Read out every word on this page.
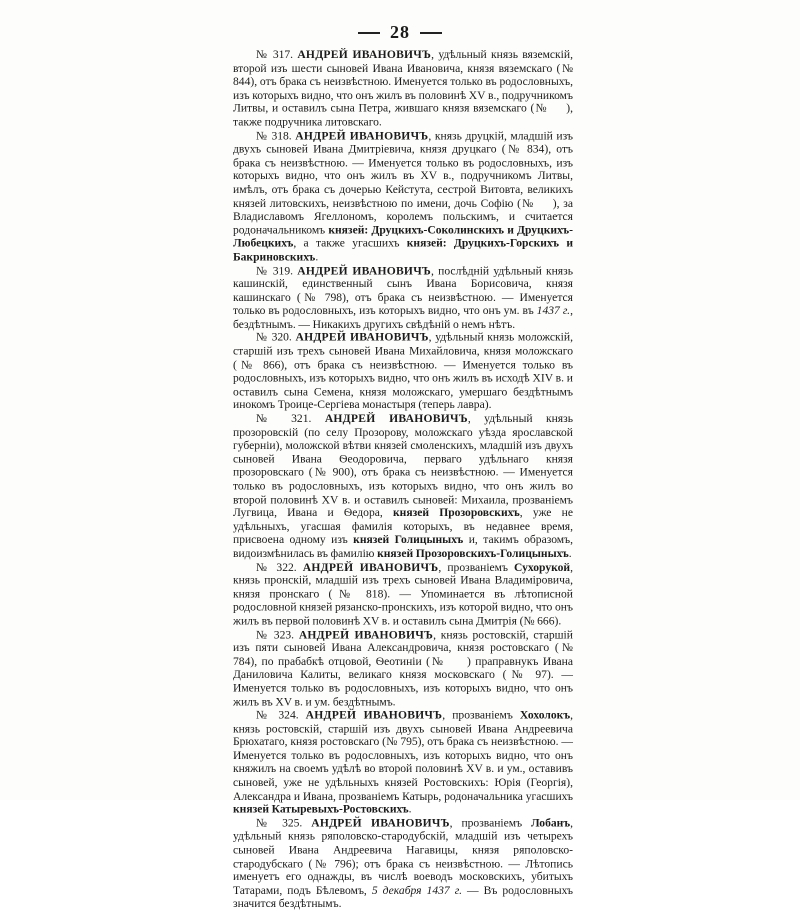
28

№ 317. АНДРЕЙ ИВАНОВИЧЪ, удѣльный князь вяземскій, второй изъ шести сыновей Ивана Ивановича, князя вяземскаго (№ 844), отъ брака съ неизвѣстною. Именуется только въ родословныхъ, изъ которыхъ видно, что онъ жилъ въ половинѣ XV в., подручникомъ Литвы, и оставилъ сына Петра, жившаго князя вяземскаго (№     ), также подручника литовскаго.

№ 318. АНДРЕЙ ИВАНОВИЧЪ, князь друцкій, младшій изъ двухъ сыновей Ивана Дмитріевича, князя друцкаго (№ 834), отъ брака съ неизвѣстною. — Именуется только въ родословныхъ, изъ которыхъ видно, что онъ жилъ въ XV в., подручникомъ Литвы, имѣлъ, отъ брака съ дочерью Кейстута, сестрой Витовта, великихъ князей литовскихъ, неизвѣстною по имени, дочь Софію (№     ), за Владиславомъ Ягеллономъ, королемъ польскимъ, и считается родоначальникомъ князей: Друцкихъ-Соколинскихъ и Друцкихъ-Любецкихъ, а также угасшихъ князей: Друцкихъ-Горскихъ и Бакриновскихъ.

№ 319. АНДРЕЙ ИВАНОВИЧЪ, послѣдній удѣльный князь кашинскій, единственный сынъ Ивана Борисовича, князя кашинскаго (№ 798), отъ брака съ неизвѣстною. — Именуется только въ родословныхъ, изъ которыхъ видно, что онъ ум. въ 1437 г., бездѣтнымъ. — Никакихъ другихъ свѣдѣній о немъ нѣтъ.

№ 320. АНДРЕЙ ИВАНОВИЧЪ, удѣльный князь моложскій, старшій изъ трехъ сыновей Ивана Михайловича, князя моложскаго (№ 866), отъ брака съ неизвѣстною. — Именуется только въ родословныхъ, изъ которыхъ видно, что онъ жилъ въ исходѣ XIV в. и оставилъ сына Семена, князя моложскаго, умершаго бездѣтнымъ инокомъ Троице-Сергіева монастыря (теперь лавра).

№ 321. АНДРЕЙ ИВАНОВИЧЪ, удѣльный князь прозоровскій (по селу Прозорову, моложскаго уѣзда ярославской губерніи), моложской вѣтви князей смоленскихъ, младшій изъ двухъ сыновей Ивана Ѳеодоровича, перваго удѣльнаго князя прозоровскаго (№ 900), отъ брака съ неизвѣстною. — Именуется только въ родословныхъ, изъ которыхъ видно, что онъ жилъ во второй половинѣ XV в. и оставилъ сыновей: Михаила, прозваніемъ Лугвица, Ивана и Ѳедора, князей Прозоровскихъ, уже не удѣльныхъ, угасшая фамилія которыхъ, въ недавнее время, присвоена одному изъ князей Голицыныхъ и, такимъ образомъ, видоизмѣнилась въ фамилію князей Прозоровскихъ-Голицыныхъ.

№ 322. АНДРЕЙ ИВАНОВИЧЪ, прозваніемъ Сухорукой, князь пронскій, младшій изъ трехъ сыновей Ивана Владиміровича, князя пронскаго (№ 818). — Упоминается въ лѣтописной родословной князей рязанско-пронскихъ, изъ которой видно, что онъ жилъ въ первой половинѣ XV в. и оставилъ сына Дмитрія (№ 666).

№ 323. АНДРЕЙ ИВАНОВИЧЪ, князь ростовскій, старшій изъ пяти сыновей Ивана Александровича, князя ростовскаго (№ 784), по прабабкѣ отцовой, Ѳеотиніи (№     ) праправнукъ Ивана Даниловича Калиты, великаго князя московскаго (№ 97). — Именуется только въ родословныхъ, изъ которыхъ видно, что онъ жилъ въ XV в. и ум. бездѣтнымъ.

№ 324. АНДРЕЙ ИВАНОВИЧЪ, прозваніемъ Хохолокъ, князь ростовскій, старшій изъ двухъ сыновей Ивана Андреевича Брюхатаго, князя ростовскаго (№ 795), отъ брака съ неизвѣстною. — Именуется только въ родословныхъ, изъ которыхъ видно, что онъ княжилъ на своемъ удѣлѣ во второй половинѣ XV в. и ум., оставивъ сыновей, уже не удѣльныхъ князей Ростовскихъ: Юрія (Георгія), Александра и Ивана, прозваніемъ Катырь, родоначальника угасшихъ князей Катыревыхъ-Ростовскихъ.

№ 325. АНДРЕЙ ИВАНОВИЧЪ, прозваніемъ Лобанъ, удѣльный князь ряполовско-стародубскій, младшій изъ четырехъ сыновей Ивана Андреевича Нагавицы, князя ряполовско-стародубскаго (№ 796); отъ брака съ неизвѣстною. — Лѣтопись именуетъ его однажды, въ числѣ воеводъ московскихъ, убитыхъ Татарами, подъ Бѣлевомъ, 5 декабря 1437 г. — Въ родословныхъ значится бездѣтнымъ.
